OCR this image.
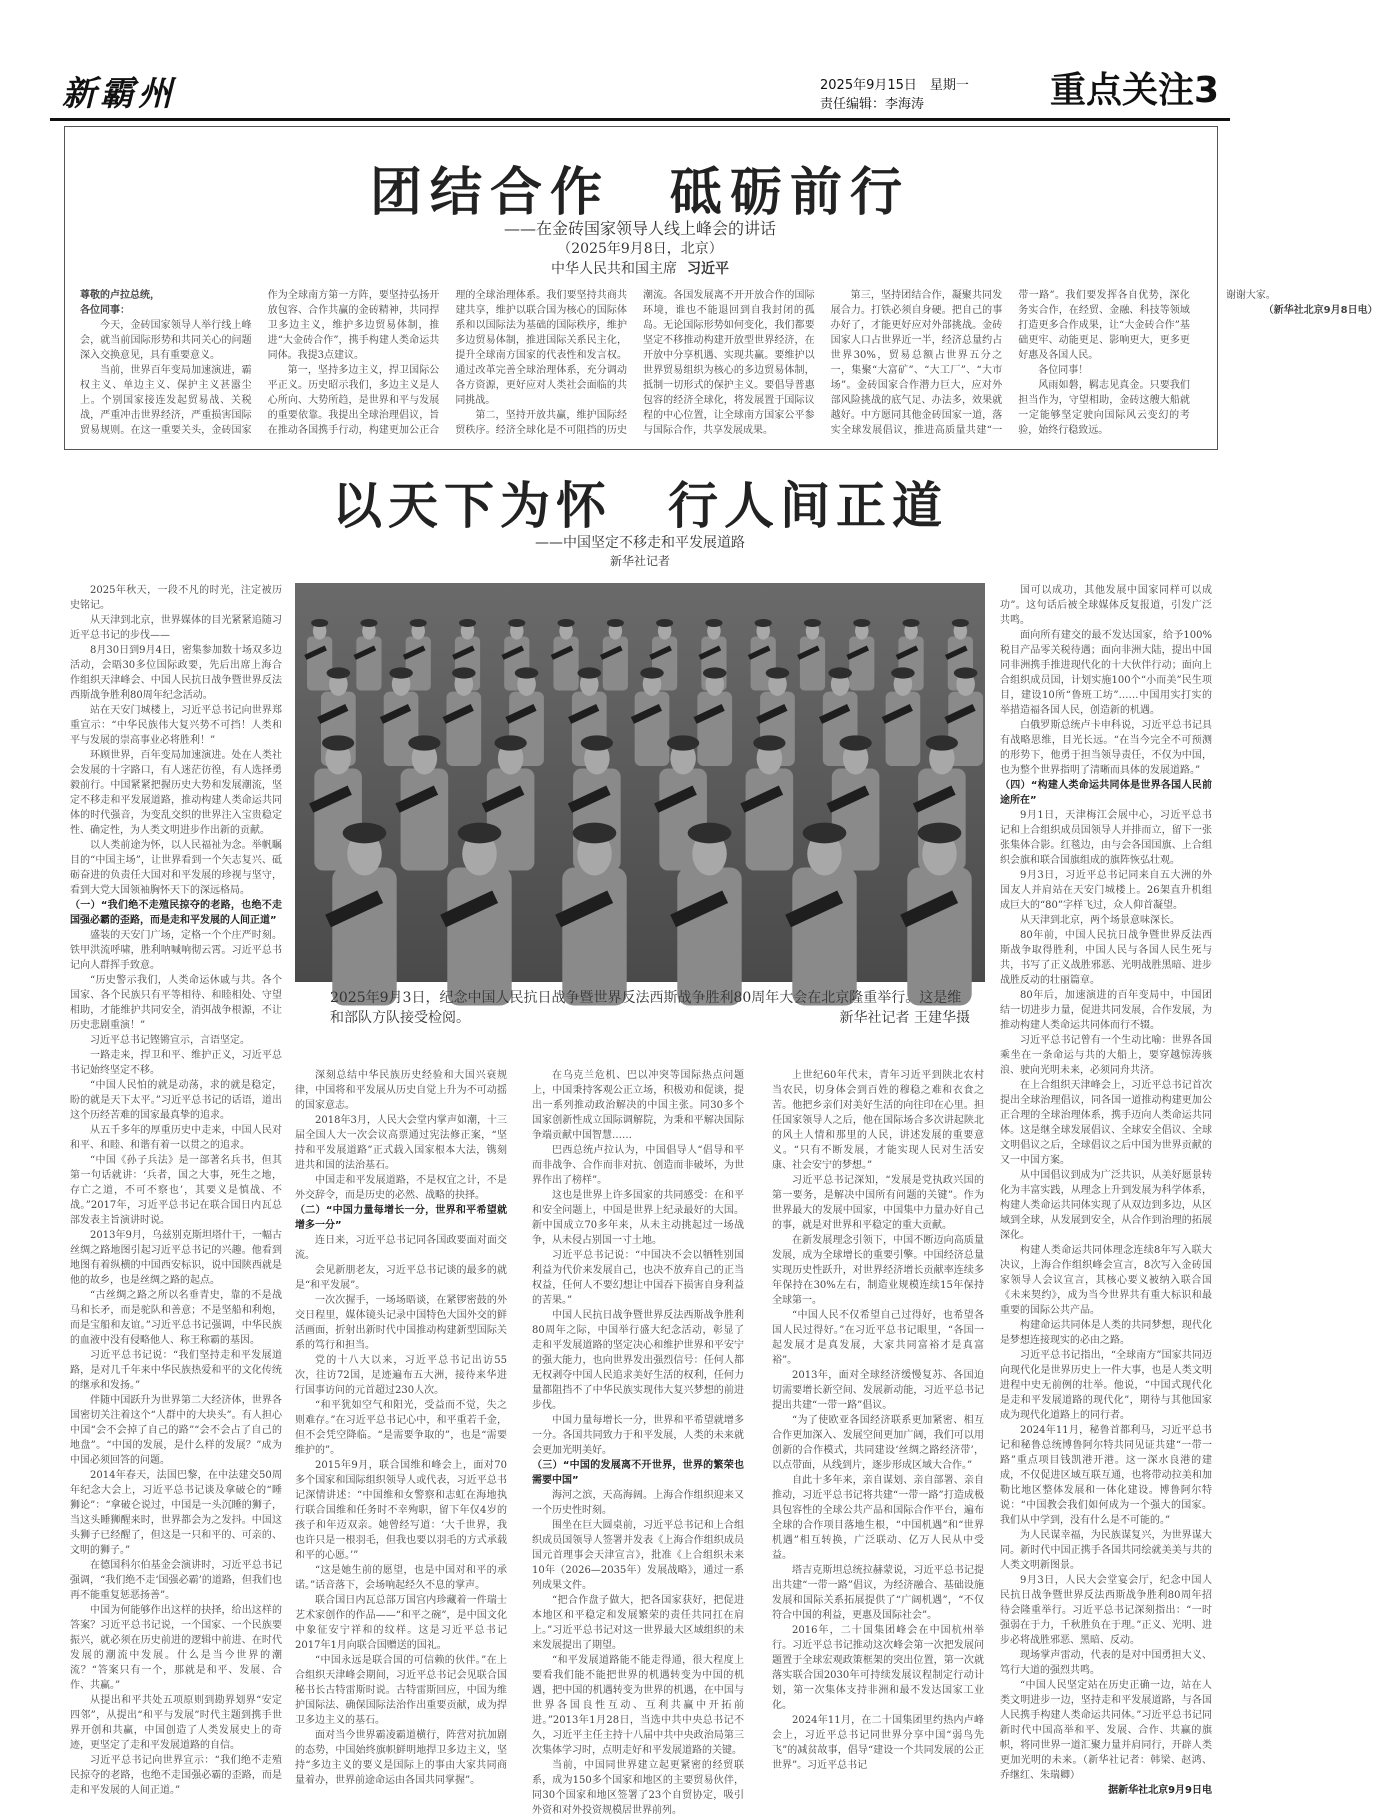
新霸州	2025年9月15日　星期一
责任编辑：李海涛	重点关注3
团结合作　砥砺前行
——在金砖国家领导人线上峰会的讲话
（2025年9月8日，北京）
中华人民共和国主席 习近平

尊敬的卢拉总统，

各位同事：

今天，金砖国家领导人举行线上峰会，就当前国际形势和共同关心的问题深入交换意见，具有重要意义。

当前，世界百年变局加速演进，霸权主义、单边主义、保护主义甚嚣尘上。个别国家接连发起贸易战、关税战，严重冲击世界经济，严重损害国际贸易规则。在这一重要关头，金砖国家作为全球南方第一方阵，要坚持弘扬开放包容、合作共赢的金砖精神，共同捍卫多边主义，维护多边贸易体制，推进“大金砖合作”，携手构建人类命运共同体。我提3点建议。

第一，坚持多边主义，捍卫国际公平正义。历史昭示我们，多边主义是人心所向、大势所趋，是世界和平与发展的重要依靠。我提出全球治理倡议，旨在推动各国携手行动，构建更加公正合理的全球治理体系。我们要坚持共商共建共享，维护以联合国为核心的国际体系和以国际法为基础的国际秩序，维护多边贸易体制，推进国际关系民主化，提升全球南方国家的代表性和发言权。通过改革完善全球治理体系，充分调动各方资源，更好应对人类社会面临的共同挑战。

第二，坚持开放共赢，维护国际经贸秩序。经济全球化是不可阻挡的历史潮流。各国发展离不开开放合作的国际环境，谁也不能退回到自我封闭的孤岛。无论国际形势如何变化，我们都要坚定不移推动构建开放型世界经济，在开放中分享机遇、实现共赢。要维护以世界贸易组织为核心的多边贸易体制，抵制一切形式的保护主义。要倡导普惠包容的经济全球化，将发展置于国际议程的中心位置，让全球南方国家公平参与国际合作，共享发展成果。

第三，坚持团结合作，凝聚共同发展合力。打铁必须自身硬。把自己的事办好了，才能更好应对外部挑战。金砖国家人口占世界近一半，经济总量约占世界30%，贸易总额占世界五分之一，集聚“大富矿”、“大工厂”、“大市场”。金砖国家合作潜力巨大，应对外部风险挑战的底气足、办法多，效果就越好。中方愿同其他金砖国家一道，落实全球发展倡议，推进高质量共建“一带一路”。我们要发挥各自优势，深化务实合作，在经贸、金融、科技等领域打造更多合作成果，让“大金砖合作”基础更牢、动能更足、影响更大，更多更好惠及各国人民。

各位同事！

风雨如磐，羁志见真金。只要我们担当作为，守望相助，金砖这艘大船就一定能够坚定驶向国际风云变幻的考验，始终行稳致远。

谢谢大家。

（新华社北京9月8日电）

以天下为怀　行人间正道
——中国坚定不移走和平发展道路
新华社记者
2025年9月3日，纪念中国人民抗日战争暨世界反法西斯战争胜利80周年大会在北京隆重举行。这是维和部队方队接受检阅。	新华社记者 王建华摄

2025年秋天，一段不凡的时光，注定被历史铭记。

从天津到北京，世界媒体的目光紧紧追随习近平总书记的步伐——

8月30日到9月4日，密集参加数十场双多边活动，会晤30多位国际政要，先后出席上海合作组织天津峰会、中国人民抗日战争暨世界反法西斯战争胜利80周年纪念活动。

站在天安门城楼上，习近平总书记向世界郑重宣示：“中华民族伟大复兴势不可挡！人类和平与发展的崇高事业必将胜利！”

环顾世界，百年变局加速演进。处在人类社会发展的十字路口，有人迷茫彷徨，有人选择勇毅前行。中国紧紧把握历史大势和发展潮流，坚定不移走和平发展道路，推动构建人类命运共同体的时代强音，为变乱交织的世界注入宝贵稳定性、确定性，为人类文明进步作出新的贡献。

以人类前途为怀，以人民福祉为念。举帆瞩目的“中国主场”，让世界看到一个矢志复兴、砥砺奋进的负责任大国对和平发展的珍视与坚守，看到大党大国领袖胸怀天下的深远格局。

（一）“我们绝不走殖民掠夺的老路，也绝不走国强必霸的歪路，而是走和平发展的人间正道”

盛装的天安门广场，定格一个个庄严时刻。铁甲洪流呼啸，胜利呐喊响彻云霄。习近平总书记向人群挥手致意。

“历史警示我们，人类命运休戚与共。各个国家、各个民族只有平等相待、和睦相处、守望相助，才能维护共同安全，消弭战争根源，不让历史悲剧重演！”

习近平总书记铿锵宣示，言语坚定。

一路走来，捍卫和平、维护正义，习近平总书记始终坚定不移。

“中国人民怕的就是动荡，求的就是稳定，盼的就是天下太平。”习近平总书记的话语，道出这个历经苦难的国家最真挚的追求。

从五千多年的厚重历史中走来，中国人民对和平、和睦、和谐有着一以贯之的追求。

“中国《孙子兵法》是一部著名兵书，但其第一句话就讲：‘兵者，国之大事，死生之地，存亡之道，不可不察也’，其要义是慎战、不战。”2017年，习近平总书记在联合国日内瓦总部发表主旨演讲时说。

2013年9月，乌兹别克斯坦塔什干，一幅古丝绸之路地图引起习近平总书记的兴趣。他看到地图有着纵横的中国西安标识，说中国陕西就是他的故乡，也是丝绸之路的起点。

“古丝绸之路之所以名垂青史，靠的不是战马和长矛，而是驼队和善意；不是坚船和利炮，而是宝船和友谊。”习近平总书记强调，中华民族的血液中没有侵略他人、称王称霸的基因。

习近平总书记说：“我们坚持走和平发展道路，是对几千年来中华民族热爱和平的文化传统的继承和发扬。”

伴随中国跃升为世界第二大经济体，世界各国密切关注着这个“人群中的大块头”。有人担心中国“会不会掉了自己的路”“会不会占了自己的地盘”。“中国的发展，是什么样的发展？”成为中国必须回答的问题。

2014年春天，法国巴黎，在中法建交50周年纪念大会上，习近平总书记谈及拿破仑的“睡狮论”：“拿破仑说过，中国是一头沉睡的狮子，当这头睡狮醒来时，世界都会为之发抖。中国这头狮子已经醒了，但这是一只和平的、可亲的、文明的狮子。”

在德国科尔伯基金会演讲时，习近平总书记强调，“我们绝不走‘国强必霸’的道路，但我们也再不能重复惩恶扬善”。

中国为何能够作出这样的抉择，给出这样的答案？习近平总书记说，一个国家、一个民族要振兴，就必须在历史前进的逻辑中前进、在时代发展的潮流中发展。什么是当今世界的潮流？“答案只有一个，那就是和平、发展、合作、共赢。”

从提出和平共处五项原则到勘界划界“安定四邻”，从提出“和平与发展”时代主题到携手世界开创和共赢，中国创造了人类发展史上的奇迹，更坚定了走和平发展道路的自信。

习近平总书记向世界宣示：“我们绝不走殖民掠夺的老路，也绝不走国强必霸的歪路，而是走和平发展的人间正道。”

深刻总结中华民族历史经验和大国兴衰规律，中国将和平发展从历史自觉上升为不可动摇的国家意志。

2018年3月，人民大会堂内掌声如潮，十三届全国人大一次会议高票通过宪法修正案，“坚持和平发展道路”正式载入国家根本大法，镌刻进共和国的法治基石。

中国走和平发展道路，不是权宜之计，不是外交辞令，而是历史的必然、战略的抉择。

（二）“中国力量每增长一分，世界和平希望就增多一分”

连日来，习近平总书记同各国政要面对面交流。

会见新朋老友，习近平总书记谈的最多的就是“和平发展”。

一次次握手，一场场晤谈，在紧锣密鼓的外交日程里，媒体镜头记录中国特色大国外交的鲜活画面，折射出新时代中国推动构建新型国际关系的笃行和担当。

党的十八大以来，习近平总书记出访55次，往访72国，足迹遍布五大洲，接待来华进行国事访问的元首超过230人次。

“和平犹如空气和阳光，受益而不觉，失之则难存。”在习近平总书记心中，和平重若千金，但不会凭空降临。“是需要争取的”，也是“需要维护的”。

2015年9月，联合国维和峰会上，面对70多个国家和国际组织领导人或代表，习近平总书记深情讲述：“中国维和女警察和志虹在海地执行联合国维和任务时不幸殉职，留下年仅4岁的孩子和年迈双亲。她曾经写道：‘大千世界，我也许只是一根羽毛，但我也要以羽毛的方式承载和平的心愿。’”

“这是她生前的愿望，也是中国对和平的承诺。”话音落下，会场响起经久不息的掌声。

联合国日内瓦总部万国宫内珍藏着一件瑞士艺术家创作的作品——“和平之碗”，是中国文化中象征安宁祥和的纹样。这是习近平总书记2017年1月向联合国赠送的国礼。

“中国永远是联合国的可信赖的伙伴。”在上合组织天津峰会期间，习近平总书记会见联合国秘书长古特雷斯时说。古特雷斯回应，中国为维护国际法、确保国际法治作出重要贡献，成为捍卫多边主义的基石。

面对当今世界霸凌霸道横行，阵营对抗加剧的态势，中国始终旗帜鲜明地捍卫多边主义，坚持“多边主义的要义是国际上的事由大家共同商量着办，世界前途命运由各国共同掌握”。

在乌克兰危机、巴以冲突等国际热点问题上，中国秉持客观公正立场，积极劝和促谈，提出一系列推动政治解决的中国主张。同30多个国家创新性成立国际调解院，为秉和平解决国际争端贡献中国智慧……

巴西总统卢拉认为，中国倡导人“倡导和平而非战争、合作而非对抗、创造而非破坏，为世界作出了榜样”。

这也是世界上许多国家的共同感受：在和平和安全问题上，中国是世界上纪录最好的大国。新中国成立70多年来，从未主动挑起过一场战争，从未侵占别国一寸土地。

习近平总书记说：“中国决不会以牺牲别国利益为代价来发展自己，也决不放弃自己的正当权益，任何人不要幻想让中国吞下损害自身利益的苦果。”

中国人民抗日战争暨世界反法西斯战争胜利80周年之际，中国举行盛大纪念活动，彰显了走和平发展道路的坚定决心和维护世界和平安宁的强大能力，也向世界发出强烈信号：任何人都无权剥夺中国人民追求美好生活的权利，任何力量都阻挡不了中华民族实现伟大复兴梦想的前进步伐。

中国力量每增长一分，世界和平希望就增多一分。各国共同致力于和平发展，人类的未来就会更加光明美好。

（三）“中国的发展离不开世界，世界的繁荣也需要中国”

海河之滨，天高海阔。上海合作组织迎来又一个历史性时刻。

围坐在巨大圆桌前，习近平总书记和上合组织成员国领导人签署并发表《上海合作组织成员国元首理事会天津宣言》，批准《上合组织未来10年（2026—2035年）发展战略》，通过一系列成果文件。

“把合作盘子做大，把各国家获好，把促进本地区和平稳定和发展繁荣的责任共同扛在肩上。”习近平总书记对这一世界最大区域组织的未来发展提出了期望。

“和平发展道路能不能走得通，很大程度上要看我们能不能把世界的机遇转变为中国的机遇，把中国的机遇转变为世界的机遇，在中国与世界各国良性互动、互利共赢中开拓前进。”2013年1月28日，当选中共中央总书记不久，习近平主任主持十八届中共中央政治局第三次集体学习时，点明走好和平发展道路的关键。

当前，中国同世界建立起更紧密的经贸联系，成为150多个国家和地区的主要贸易伙伴，同30个国家和地区签署了23个自贸协定，吸引外资和对外投资规模居世界前列。

上世纪60年代末，青年习近平到陕北农村当农民，切身体会到百姓的穆稳之难和衣食之苦。他把乡亲们对美好生活的向往印在心里。担任国家领导人之后，他在国际场合多次讲起陕北的风土人情和那里的人民，讲述发展的重要意义。“只有不断发展，才能实现人民对生活安康、社会安宁的梦想。”

习近平总书记深知，“发展是党执政兴国的第一要务，是解决中国所有问题的关键”。作为世界最大的发展中国家，中国集中力量办好自己的事，就是对世界和平稳定的重大贡献。

在新发展理念引领下，中国不断迈向高质量发展，成为全球增长的重要引擎。中国经济总量实现历史性跃升，对世界经济增长贡献率连续多年保持在30%左右，制造业规模连续15年保持全球第一。

“中国人民不仅希望自己过得好，也希望各国人民过得好。”在习近平总书记眼里，“各国一起发展才是真发展，大家共同富裕才是真富裕”。

2013年，面对全球经济缓慢复苏、各国迫切需要增长新空间、发展新动能，习近平总书记提出共建“一带一路”倡议。

“为了使欧亚各国经济联系更加紧密、相互合作更加深入、发展空间更加广阔，我们可以用创新的合作模式，共同建设‘丝绸之路经济带’，以点带面，从线到片，逐步形成区域大合作。”

自此十多年来，亲自谋划、亲自部署、亲自推动，习近平总书记将共建“一带一路”打造成极具包容性的全球公共产品和国际合作平台，遍布全球的合作项目落地生根，“中国机遇”和“世界机遇”相互转换，广泛联动、亿万人民从中受益。

塔吉克斯坦总统拉赫蒙说，习近平总书记提出共建“一带一路”倡议，为经济融合、基础设施发展和国际关系拓展提供了“广阔机遇”，“不仅符合中国的利益，更惠及国际社会”。

2016年，二十国集团峰会在中国杭州举行。习近平总书记推动这次峰会第一次把发展问题置于全球宏观政策框架的突出位置，第一次就落实联合国2030年可持续发展议程制定行动计划，第一次集体支持非洲和最不发达国家工业化。

2024年11月，在二十国集团里约热内卢峰会上，习近平总书记同世界分享中国“弱鸟先飞”的减贫故事，倡导“建设一个共同发展的公正世界”。习近平总书记

国可以成功，其他发展中国家同样可以成功”。这句话后被全球媒体反复报道，引发广泛共鸣。

面向所有建交的最不发达国家，给予100%税目产品零关税待遇；面向非洲大陆，提出中国同非洲携手推进现代化的十大伙伴行动；面向上合组织成员国，计划实施100个“小而美”民生项目，建设10所“鲁班工坊”……中国用实打实的举措造福各国人民，创造新的机遇。

白俄罗斯总统卢卡申科说，习近平总书记具有战略思维，目光长远。“在当今完全不可预测的形势下，他勇于担当领导责任，不仅为中国，也为整个世界指明了清晰而具体的发展道路。”

（四）“构建人类命运共同体是世界各国人民前途所在”

9月1日，天津梅江会展中心，习近平总书记和上合组织成员国领导人并排而立，留下一张张集体合影。红毯边，由与会各国国旗、上合组织会旗和联合国旗组成的旗阵恢弘壮观。

9月3日，习近平总书记同来自五大洲的外国友人并肩站在天安门城楼上。26架直升机组成巨大的“80”字样飞过，众人仰首凝望。

从天津到北京，两个场景意味深长。

80年前，中国人民抗日战争暨世界反法西斯战争取得胜利，中国人民与各国人民生死与共，书写了正义战胜邪恶、光明战胜黑暗、进步战胜反动的壮丽篇章。

80年后，加速演进的百年变局中，中国团结一切进步力量，促进共同发展，合作发展，为推动构建人类命运共同体而行不辍。

习近平总书记曾有一个生动比喻：世界各国乘坐在一条命运与共的大船上，要穿越惊涛骇浪、驶向光明未来，必须同舟共济。

在上合组织天津峰会上，习近平总书记首次提出全球治理倡议，同各国一道推动构建更加公正合理的全球治理体系，携手迈向人类命运共同体。这是继全球发展倡议、全球安全倡议、全球文明倡议之后，全球倡议之后中国为世界贡献的又一中国方案。

从中国倡议到成为广泛共识，从美好愿景转化为丰富实践，从理念上升到发展为科学体系，构建人类命运共同体实现了从双边到多边，从区域到全球，从发展到安全，从合作到治理的拓展深化。

构建人类命运共同体理念连续8年写入联大决议，上海合作组织峰会宣言，8次写入金砖国家领导人会议宣言，其核心要义被纳入联合国《未来契约》，成为当今世界共有重大标识和最重要的国际公共产品。

构建命运共同体是人类的共同梦想，现代化是梦想连接现实的必由之路。

习近平总书记指出，“全球南方”国家共同迈向现代化是世界历史上一件大事，也是人类文明进程中史无前例的壮举。他说，“中国式现代化是走和平发展道路的现代化”，期待与其他国家成为现代化道路上的同行者。

2024年11月，秘鲁首都利马，习近平总书记和秘鲁总统博鲁阿尔特共同见证共建“一带一路”重点项目钱凯港开港。这一深水良港的建成，不仅促进区域互联互通，也将带动拉美和加勒比地区整体发展和一体化建设。博鲁阿尔特说：“中国教会我们如何成为一个强大的国家。我们从中学到，没有什么是不可能的。”

为人民谋幸福，为民族谋复兴，为世界谋大同。新时代中国正携手各国共同绘就美美与共的人类文明新图景。

9月3日，人民大会堂宴会厅，纪念中国人民抗日战争暨世界反法西斯战争胜利80周年招待会隆重举行。习近平总书记深刻指出：“一时强弱在于力，千秋胜负在于理。”正义、光明、进步必将战胜邪恶、黑暗、反动。

现场掌声雷动，代表的是对中国勇担大义、笃行大道的强烈共鸣。

“中国人民坚定站在历史正确一边，站在人类文明进步一边，坚持走和平发展道路，与各国人民携手构建人类命运共同体。”习近平总书记同新时代中国高举和平、发展、合作、共赢的旗帜，将同世界一道汇聚力量并肩同行，开辟人类更加光明的未来。（新华社记者：韩梁、赵鸿、乔继红、朱瑞卿）

据新华社北京9月9日电
